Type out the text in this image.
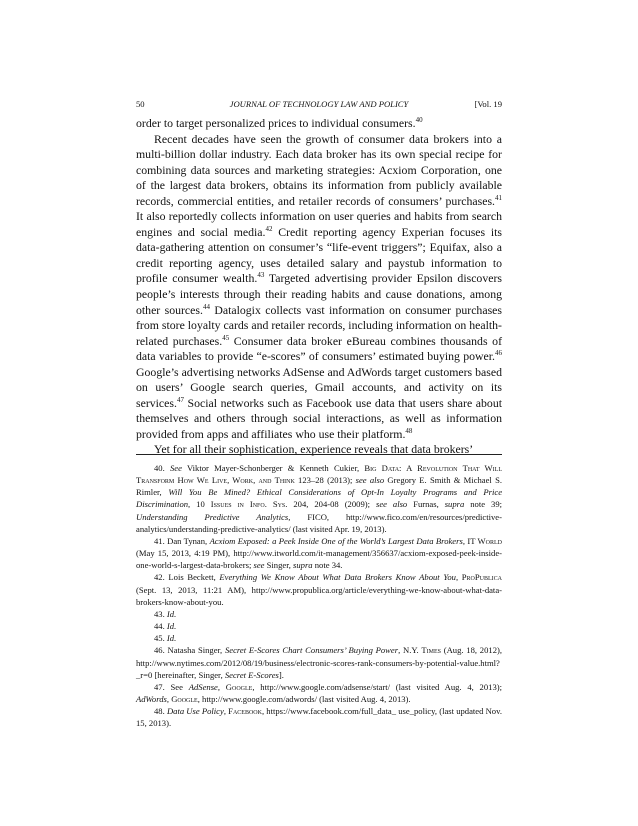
50	JOURNAL OF TECHNOLOGY LAW AND POLICY	[Vol. 19

order to target personalized prices to individual consumers.$^{40}$

Recent decades have seen the growth of consumer data brokers into a multi-billion dollar industry. Each data broker has its own special recipe for combining data sources and marketing strategies: Acxiom Corporation, one of the largest data brokers, obtains its information from publicly available records, commercial entities, and retailer records of consumers’ purchases.$^{41}$ It also reportedly collects information on user queries and habits from search engines and social media.$^{42}$ Credit reporting agency Experian focuses its data-gathering attention on consumer’s “life-event triggers”; Equifax, also a credit reporting agency, uses detailed salary and paystub information to profile consumer wealth.$^{43}$ Targeted advertising provider Epsilon discovers people’s interests through their reading habits and cause donations, among other sources.$^{44}$ Datalogix collects vast information on consumer purchases from store loyalty cards and retailer records, including information on health-related purchases.$^{45}$ Consumer data broker eBureau combines thousands of data variables to provide “e-scores” of consumers’ estimated buying power.$^{46}$ Google’s advertising networks AdSense and AdWords target customers based on users’ Google search queries, Gmail accounts, and activity on its services.$^{47}$ Social networks such as Facebook use data that users share about themselves and others through social interactions, as well as information provided from apps and affiliates who use their platform.$^{48}$

Yet for all their sophistication, experience reveals that data brokers’

40. See Viktor Mayer-Schonberger & Kenneth Cukier, Big Data: A Revolution That Will Transform How We Live, Work, and Think 123–28 (2013); see also Gregory E. Smith & Michael S. Rimler, Will You Be Mined? Ethical Considerations of Opt-In Loyalty Programs and Price Discrimination, 10 Issues in Info. Sys. 204, 204-08 (2009); see also Furnas, supra note 39; Understanding Predictive Analytics, FICO, http://www.fico.com/en/resources/predictive-analytics/understanding-predictive-analytics/ (last visited Apr. 19, 2013).

41. Dan Tynan, Acxiom Exposed: a Peek Inside One of the World’s Largest Data Brokers, IT World (May 15, 2013, 4:19 PM), http://www.itworld.com/it-management/356637/acxiom-exposed-peek-inside-one-world-s-largest-data-brokers; see Singer, supra note 34.

42. Lois Beckett, Everything We Know About What Data Brokers Know About You, ProPublica (Sept. 13, 2013, 11:21 AM), http://www.propublica.org/article/everything-we-know-about-what-data-brokers-know-about-you.

43. Id.

44. Id.

45. Id.

46. Natasha Singer, Secret E-Scores Chart Consumers’ Buying Power, N.Y. Times (Aug. 18, 2012), http://www.nytimes.com/2012/08/19/business/electronic-scores-rank-consumers-by-potential-value.html?_r=0 [hereinafter, Singer, Secret E-Scores].

47. See AdSense, Google, http://www.google.com/adsense/start/ (last visited Aug. 4, 2013); AdWords, Google, http://www.google.com/adwords/ (last visited Aug. 4, 2013).

48. Data Use Policy, Facebook, https://www.facebook.com/full_data_ use_policy, (last updated Nov. 15, 2013).
